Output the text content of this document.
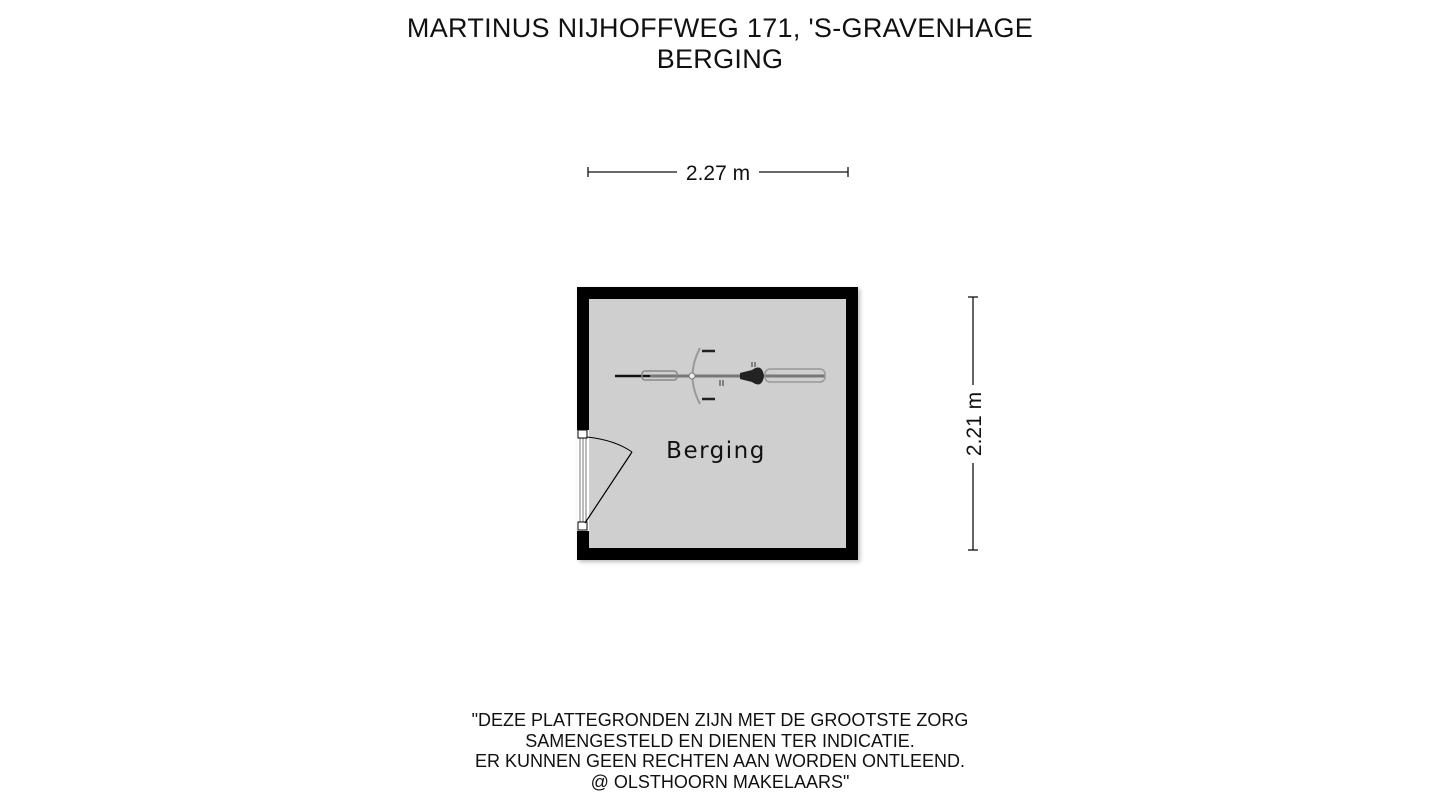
MARTINUS NIJHOFFWEG 171, 'S-GRAVENHAGE
BERGING
2.27 m
2.21 m
Berging
"DEZE PLATTEGRONDEN ZIJN MET DE GROOTSTE ZORG
SAMENGESTELD EN DIENEN TER INDICATIE.
ER KUNNEN GEEN RECHTEN AAN WORDEN ONTLEEND.
@ OLSTHOORN MAKELAARS"
